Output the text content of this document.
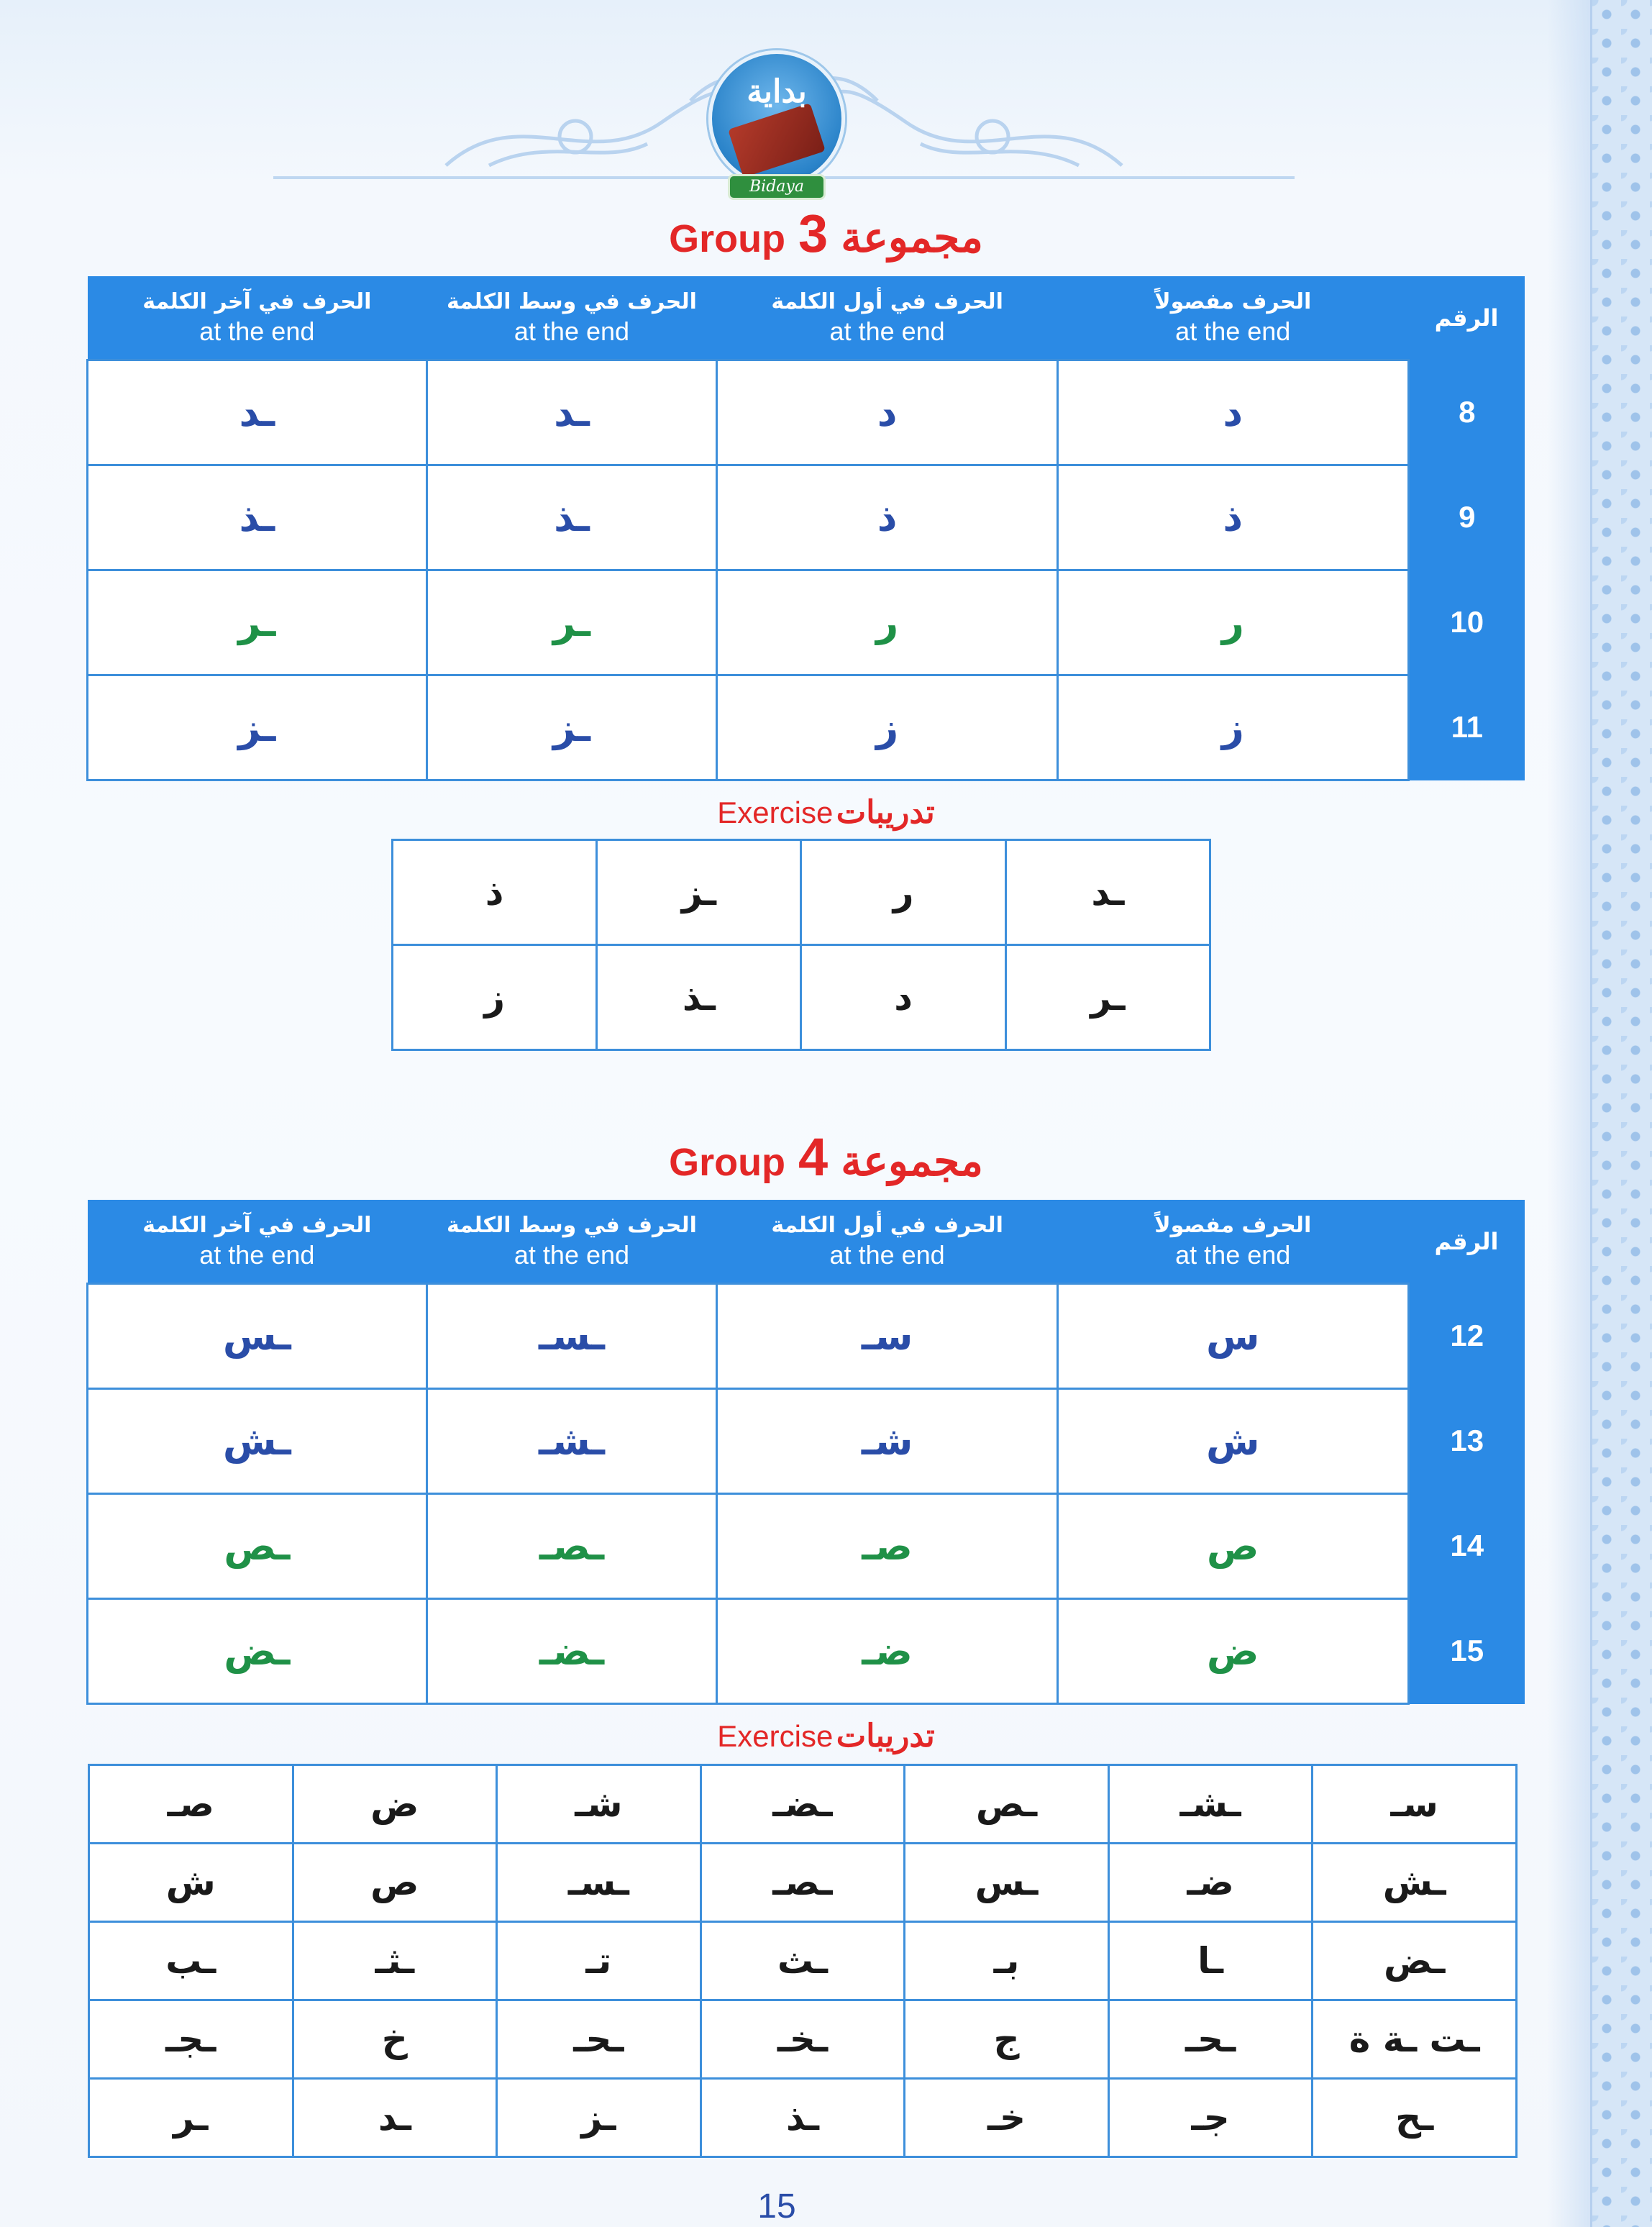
بداية
Bidaya
Group 3 مجموعة
الحرف في آخر الكلمة
at the end	الحرف في وسط الكلمة
at the end	الحرف في أول الكلمة
at the end	الحرف مفصولاً
at the end	الرقم
ـد	ـد	د	د	8
ـذ	ـذ	ذ	ذ	9
ـر	ـر	ر	ر	10
ـز	ـز	ز	ز	11
Exercise تدريبات
ذ	ـز	ر	ـد
ز	ـذ	د	ـر
Group 4 مجموعة
الحرف في آخر الكلمة
at the end	الحرف في وسط الكلمة
at the end	الحرف في أول الكلمة
at the end	الحرف مفصولاً
at the end	الرقم
ـس	ـسـ	سـ	س	12
ـش	ـشـ	شـ	ش	13
ـص	ـصـ	صـ	ص	14
ـض	ـضـ	ضـ	ض	15
Exercise تدريبات
صـ	ض	شـ	ـضـ	ـص	ـشـ	سـ
ش	ص	ـسـ	ـصـ	ـس	ضـ	ـش
ـب	ـثـ	تـ	ـث	بـ	ـا	ـض
ـجـ	خ	ـحـ	ـخـ	ج	ـحـ	ـت ـة ة
ـر	ـد	ـز	ـذ	خـ	جـ	ـح
15
